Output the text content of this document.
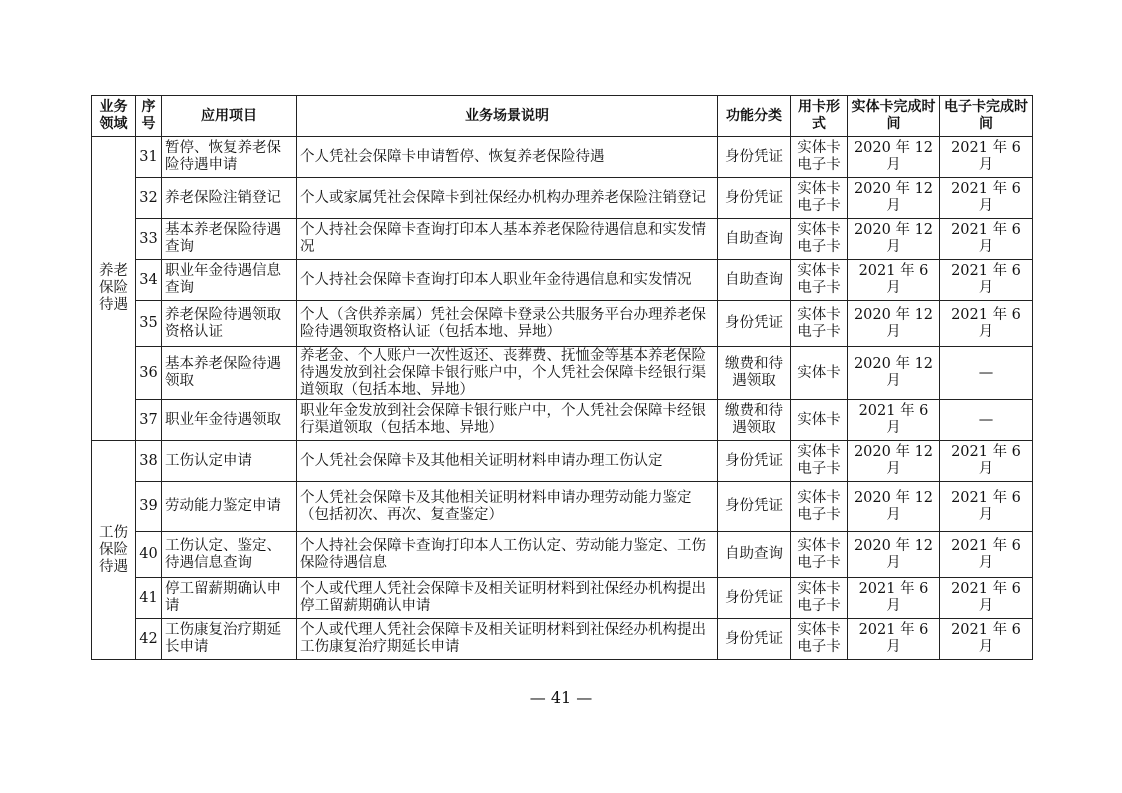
业务领域	序号	应用项目	业务场景说明	功能分类	用卡形式	实体卡完成时间	电子卡完成时间
养老保险待遇	31	暂停、恢复养老保险待遇申请	个人凭社会保障卡申请暂停、恢复养老保险待遇	身份凭证	实体卡电子卡	2020 年 12 月	2021 年 6 月
	32	养老保险注销登记	个人或家属凭社会保障卡到社保经办机构办理养老保险注销登记	身份凭证	实体卡电子卡	2020 年 12 月	2021 年 6 月
	33	基本养老保险待遇查询	个人持社会保障卡查询打印本人基本养老保险待遇信息和实发情况	自助查询	实体卡电子卡	2020 年 12 月	2021 年 6 月
	34	职业年金待遇信息查询	个人持社会保障卡查询打印本人职业年金待遇信息和实发情况	自助查询	实体卡电子卡	2021 年 6 月	2021 年 6 月
	35	养老保险待遇领取资格认证	个人（含供养亲属）凭社会保障卡登录公共服务平台办理养老保险待遇领取资格认证（包括本地、异地）	身份凭证	实体卡电子卡	2020 年 12 月	2021 年 6 月
	36	基本养老保险待遇领取	养老金、个人账户一次性返还、丧葬费、抚恤金等基本养老保险待遇发放到社会保障卡银行账户中，个人凭社会保障卡经银行渠道领取（包括本地、异地）	缴费和待遇领取	实体卡	2020 年 12 月	—
	37	职业年金待遇领取	职业年金发放到社会保障卡银行账户中，个人凭社会保障卡经银行渠道领取（包括本地、异地）	缴费和待遇领取	实体卡	2021 年 6 月	—
工伤保险待遇	38	工伤认定申请	个人凭社会保障卡及其他相关证明材料申请办理工伤认定	身份凭证	实体卡电子卡	2020 年 12 月	2021 年 6 月
	39	劳动能力鉴定申请	个人凭社会保障卡及其他相关证明材料申请办理劳动能力鉴定（包括初次、再次、复查鉴定）	身份凭证	实体卡电子卡	2020 年 12 月	2021 年 6 月
	40	工伤认定、鉴定、待遇信息查询	个人持社会保障卡查询打印本人工伤认定、劳动能力鉴定、工伤保险待遇信息	自助查询	实体卡电子卡	2020 年 12 月	2021 年 6 月
	41	停工留薪期确认申请	个人或代理人凭社会保障卡及相关证明材料到社保经办机构提出停工留薪期确认申请	身份凭证	实体卡电子卡	2021 年 6 月	2021 年 6 月
	42	工伤康复治疗期延长申请	个人或代理人凭社会保障卡及相关证明材料到社保经办机构提出工伤康复治疗期延长申请	身份凭证	实体卡电子卡	2021 年 6 月	2021 年 6 月
— 41 —
